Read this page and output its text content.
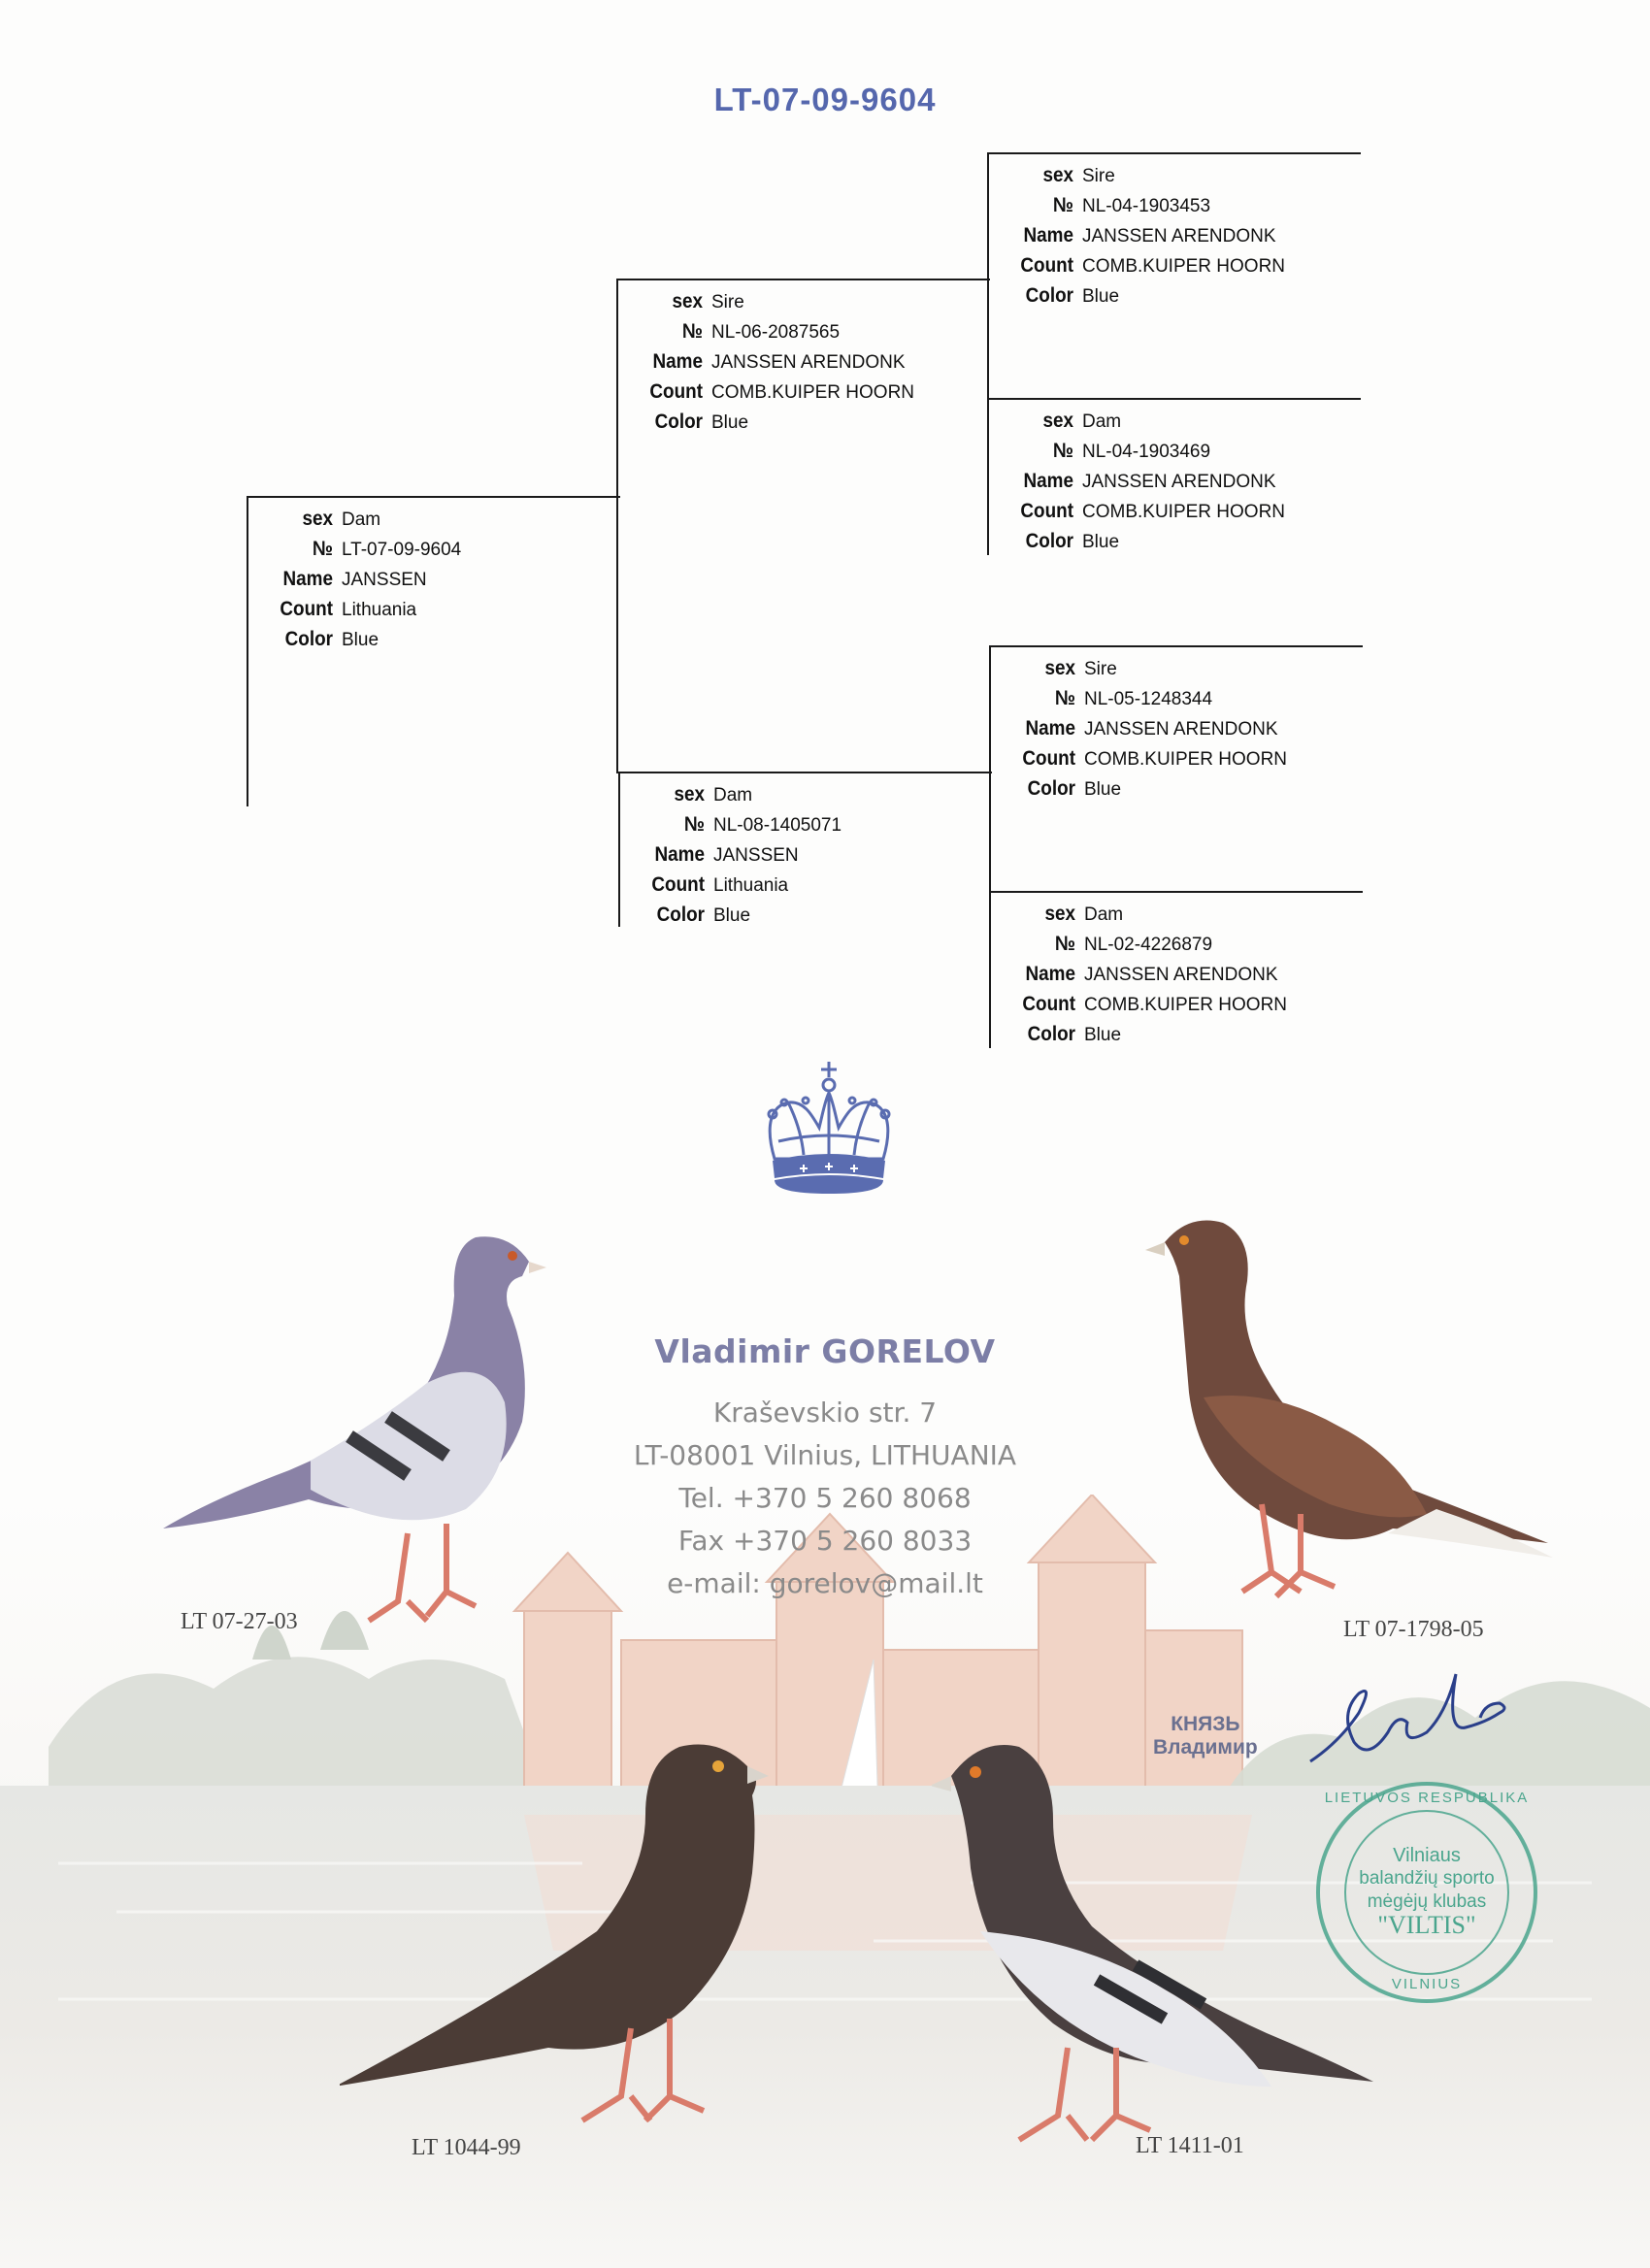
LT-07-09-9604
sex Dam
№ LT-07-09-9604
Name JANSSEN
Count Lithuania
Color Blue
sex Sire
№ NL-06-2087565
Name JANSSEN ARENDONK
Count COMB.KUIPER HOORN
Color Blue
sex Dam
№ NL-08-1405071
Name JANSSEN
Count Lithuania
Color Blue
sex Sire
№ NL-04-1903453
Name JANSSEN ARENDONK
Count COMB.KUIPER HOORN
Color Blue
sex Dam
№ NL-04-1903469
Name JANSSEN ARENDONK
Count COMB.KUIPER HOORN
Color Blue
sex Sire
№ NL-05-1248344
Name JANSSEN ARENDONK
Count COMB.KUIPER HOORN
Color Blue
sex Dam
№ NL-02-4226879
Name JANSSEN ARENDONK
Count COMB.KUIPER HOORN
Color Blue
Vladimir GORELOV
Kraševskio str. 7
LT-08001 Vilnius, LITHUANIA
Tel. +370 5 260 8068
Fax +370 5 260 8033
e-mail: gorelov@mail.lt
LT 07-27-03	LT 07-1798-05
LT 1044-99	LT 1411-01
КНЯЗЬ
Владимир
LIETUVOS RESPUBLIKA
Vilniaus
balandžių sporto
mėgėjų klubas
"VILTIS"
VILNIUS
